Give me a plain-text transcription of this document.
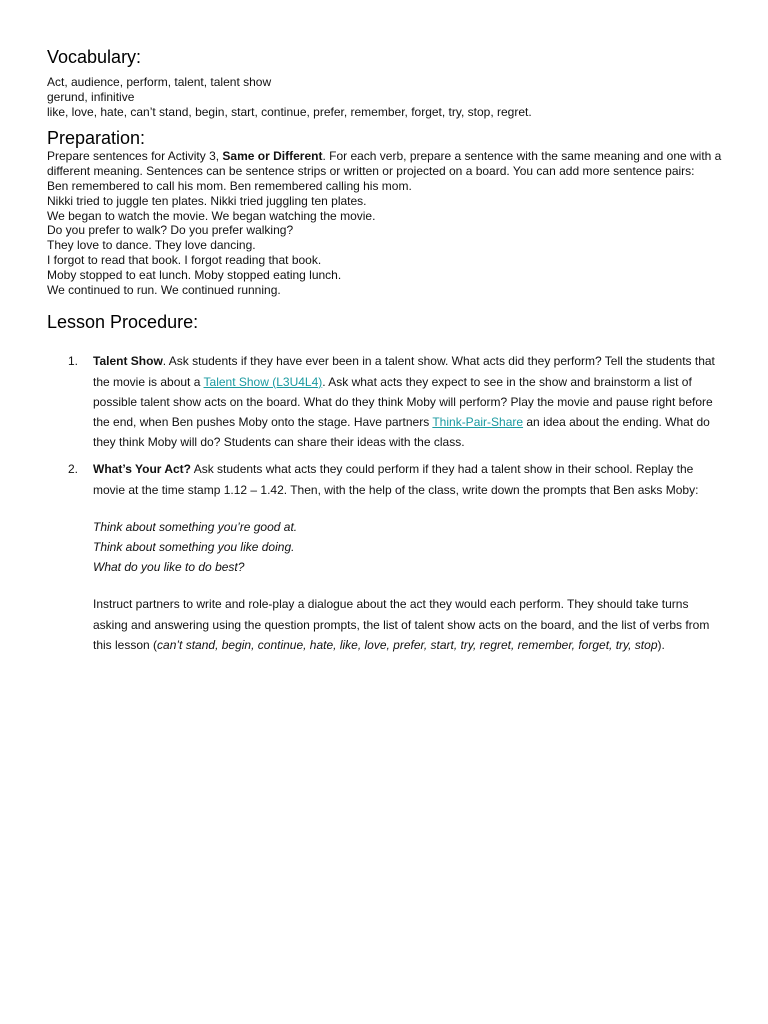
Vocabulary:
Act, audience, perform, talent, talent show
gerund, infinitive
like, love, hate, can’t stand, begin, start, continue, prefer, remember, forget, try, stop, regret.
Preparation:
Prepare sentences for Activity 3, Same or Different. For each verb, prepare a sentence with the same meaning and one with a different meaning. Sentences can be sentence strips or written or projected on a board. You can add more sentence pairs:
Ben remembered to call his mom. Ben remembered calling his mom.
Nikki tried to juggle ten plates. Nikki tried juggling ten plates.
We began to watch the movie. We began watching the movie.
Do you prefer to walk? Do you prefer walking?
They love to dance. They love dancing.
I forgot to read that book. I forgot reading that book.
Moby stopped to eat lunch. Moby stopped eating lunch.
We continued to run. We continued running.
Lesson Procedure:
1. Talent Show. Ask students if they have ever been in a talent show. What acts did they perform? Tell the students that the movie is about a Talent Show (L3U4L4). Ask what acts they expect to see in the show and brainstorm a list of possible talent show acts on the board. What do they think Moby will perform? Play the movie and pause right before the end, when Ben pushes Moby onto the stage. Have partners Think-Pair-Share an idea about the ending. What do they think Moby will do? Students can share their ideas with the class.
2. What’s Your Act? Ask students what acts they could perform if they had a talent show in their school. Replay the movie at the time stamp 1.12 – 1.42. Then, with the help of the class, write down the prompts that Ben asks Moby:
Think about something you’re good at.
Think about something you like doing.
What do you like to do best?
Instruct partners to write and role-play a dialogue about the act they would each perform. They should take turns asking and answering using the question prompts, the list of talent show acts on the board, and the list of verbs from this lesson (can’t stand, begin, continue, hate, like, love, prefer, start, try, regret, remember, forget, try, stop).
